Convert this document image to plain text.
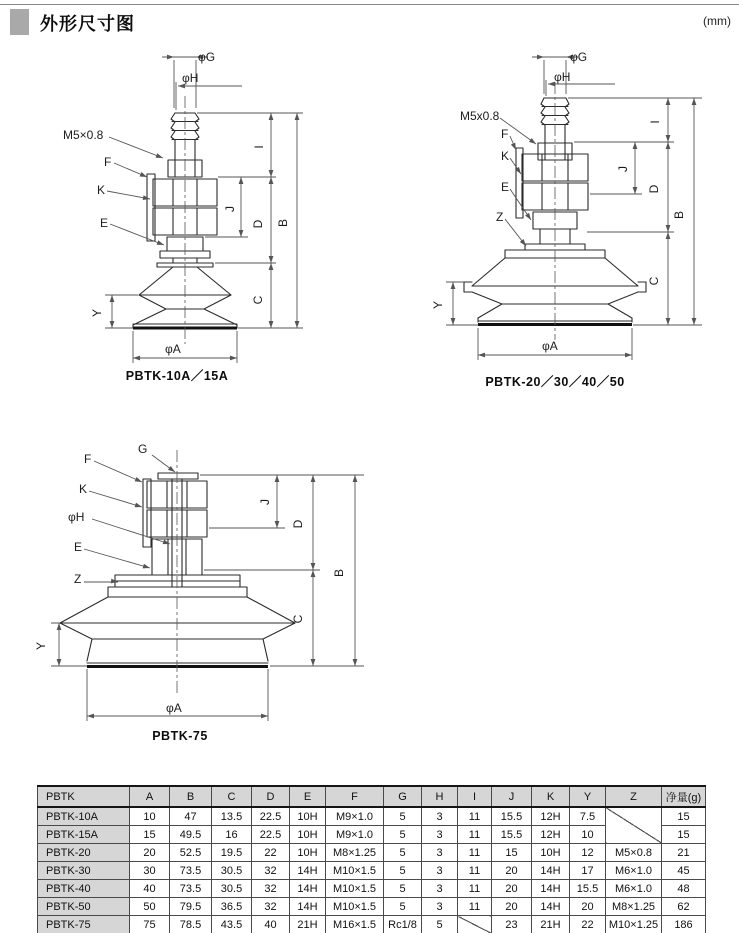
外形尺寸图	(mm)
φG
φH
M5×0.8
F
K
E
I
J
D B
C
Y
φA
PBTK-10A／15A
φG
φH
M5x0.8
F
K
E
Z
I
J
D
B
C
Y
φA
PBTK-20／30／40／50
G
F
K
φH
E
Z
J
D
B
C
Y
φA
PBTK-75
PBTK	A	B	C	D	E	F	G	H	I	J	K	Y	Z	净量(g)
PBTK-10A	10	47	13.5	22.5	10H	M9×1.0	5	3	11	15.5	12H	7.5		15
PBTK-15A	15	49.5	16	22.5	10H	M9×1.0	5	3	11	15.5	12H	10		15
PBTK-20	20	52.5	19.5	22	10H	M8×1.25	5	3	11	15	10H	12	M5×0.8	21
PBTK-30	30	73.5	30.5	32	14H	M10×1.5	5	3	11	20	14H	17	M6×1.0	45
PBTK-40	40	73.5	30.5	32	14H	M10×1.5	5	3	11	20	14H	15.5	M6×1.0	48
PBTK-50	50	79.5	36.5	32	14H	M10×1.5	5	3	11	20	14H	20	M8×1.25	62
PBTK-75	75	78.5	43.5	40	21H	M16×1.5	Rc1/8	5		23	21H	22	M10×1.25	186
